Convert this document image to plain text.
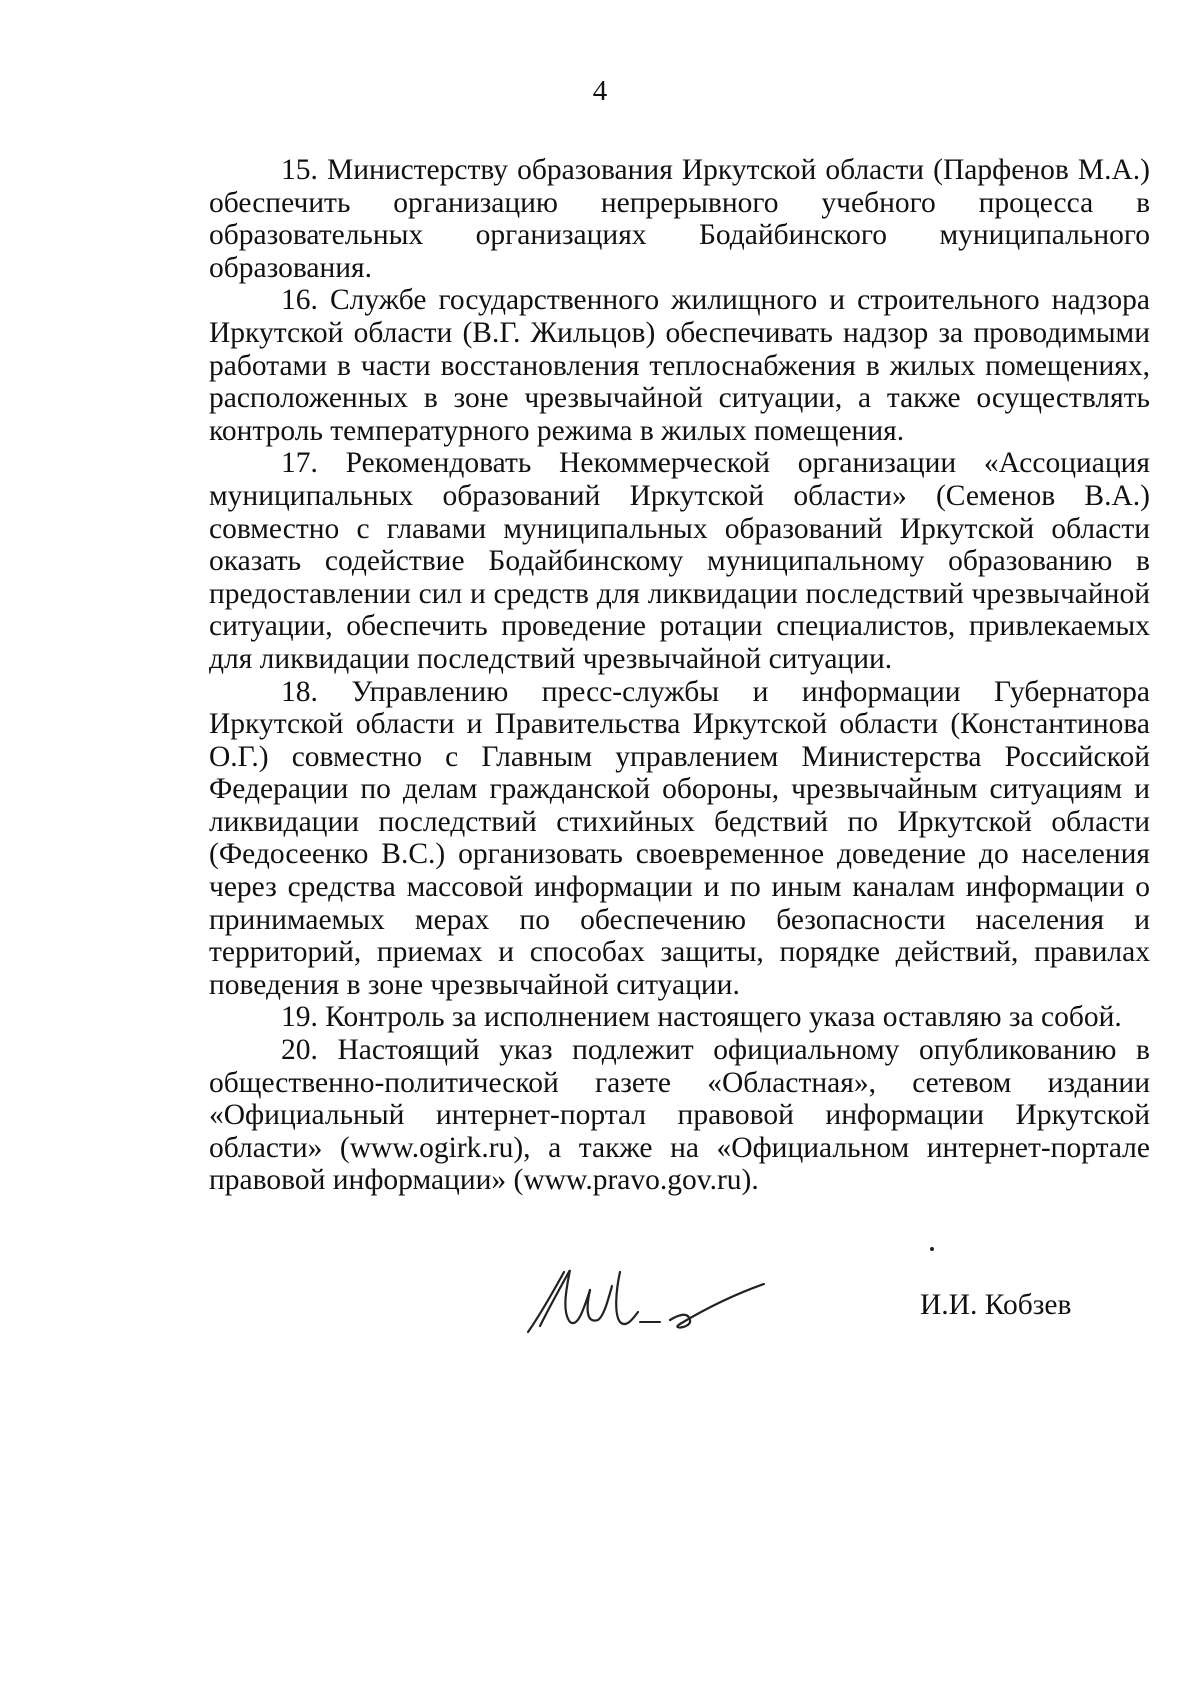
4

15. Министерству образования Иркутской области (Парфенов М.А.) обеспечить организацию непрерывного учебного процесса в образовательных организациях Бодайбинского муниципального образования.

16. Службе государственного жилищного и строительного надзора Иркутской области (В.Г. Жильцов) обеспечивать надзор за проводимыми работами в части восстановления теплоснабжения в жилых помещениях, расположенных в зоне чрезвычайной ситуации, а также осуществлять контроль температурного режима в жилых помещения.

17. Рекомендовать Некоммерческой организации «Ассоциация муниципальных образований Иркутской области» (Семенов В.А.) совместно с главами муниципальных образований Иркутской области оказать содействие Бодайбинскому муниципальному образованию в предоставлении сил и средств для ликвидации последствий чрезвычайной ситуации, обеспечить проведение ротации специалистов, привлекаемых для ликвидации последствий чрезвычайной ситуации.

18. Управлению пресс-службы и информации Губернатора Иркутской области и Правительства Иркутской области (Константинова О.Г.) совместно с Главным управлением Министерства Российской Федерации по делам гражданской обороны, чрезвычайным ситуациям и ликвидации последствий стихийных бедствий по Иркутской области (Федосеенко В.С.) организовать своевременное доведение до населения через средства массовой информации и по иным каналам информации о принимаемых мерах по обеспечению безопасности населения и территорий, приемах и способах защиты, порядке действий, правилах поведения в зоне чрезвычайной ситуации.

19. Контроль за исполнением настоящего указа оставляю за собой.

20. Настоящий указ подлежит официальному опубликованию в общественно-политической газете «Областная», сетевом издании «Официальный интернет-портал правовой информации Иркутской области» (www.ogirk.ru), а также на «Официальном интернет-портале правовой информации» (www.pravo.gov.ru).

И.И. Кобзев
